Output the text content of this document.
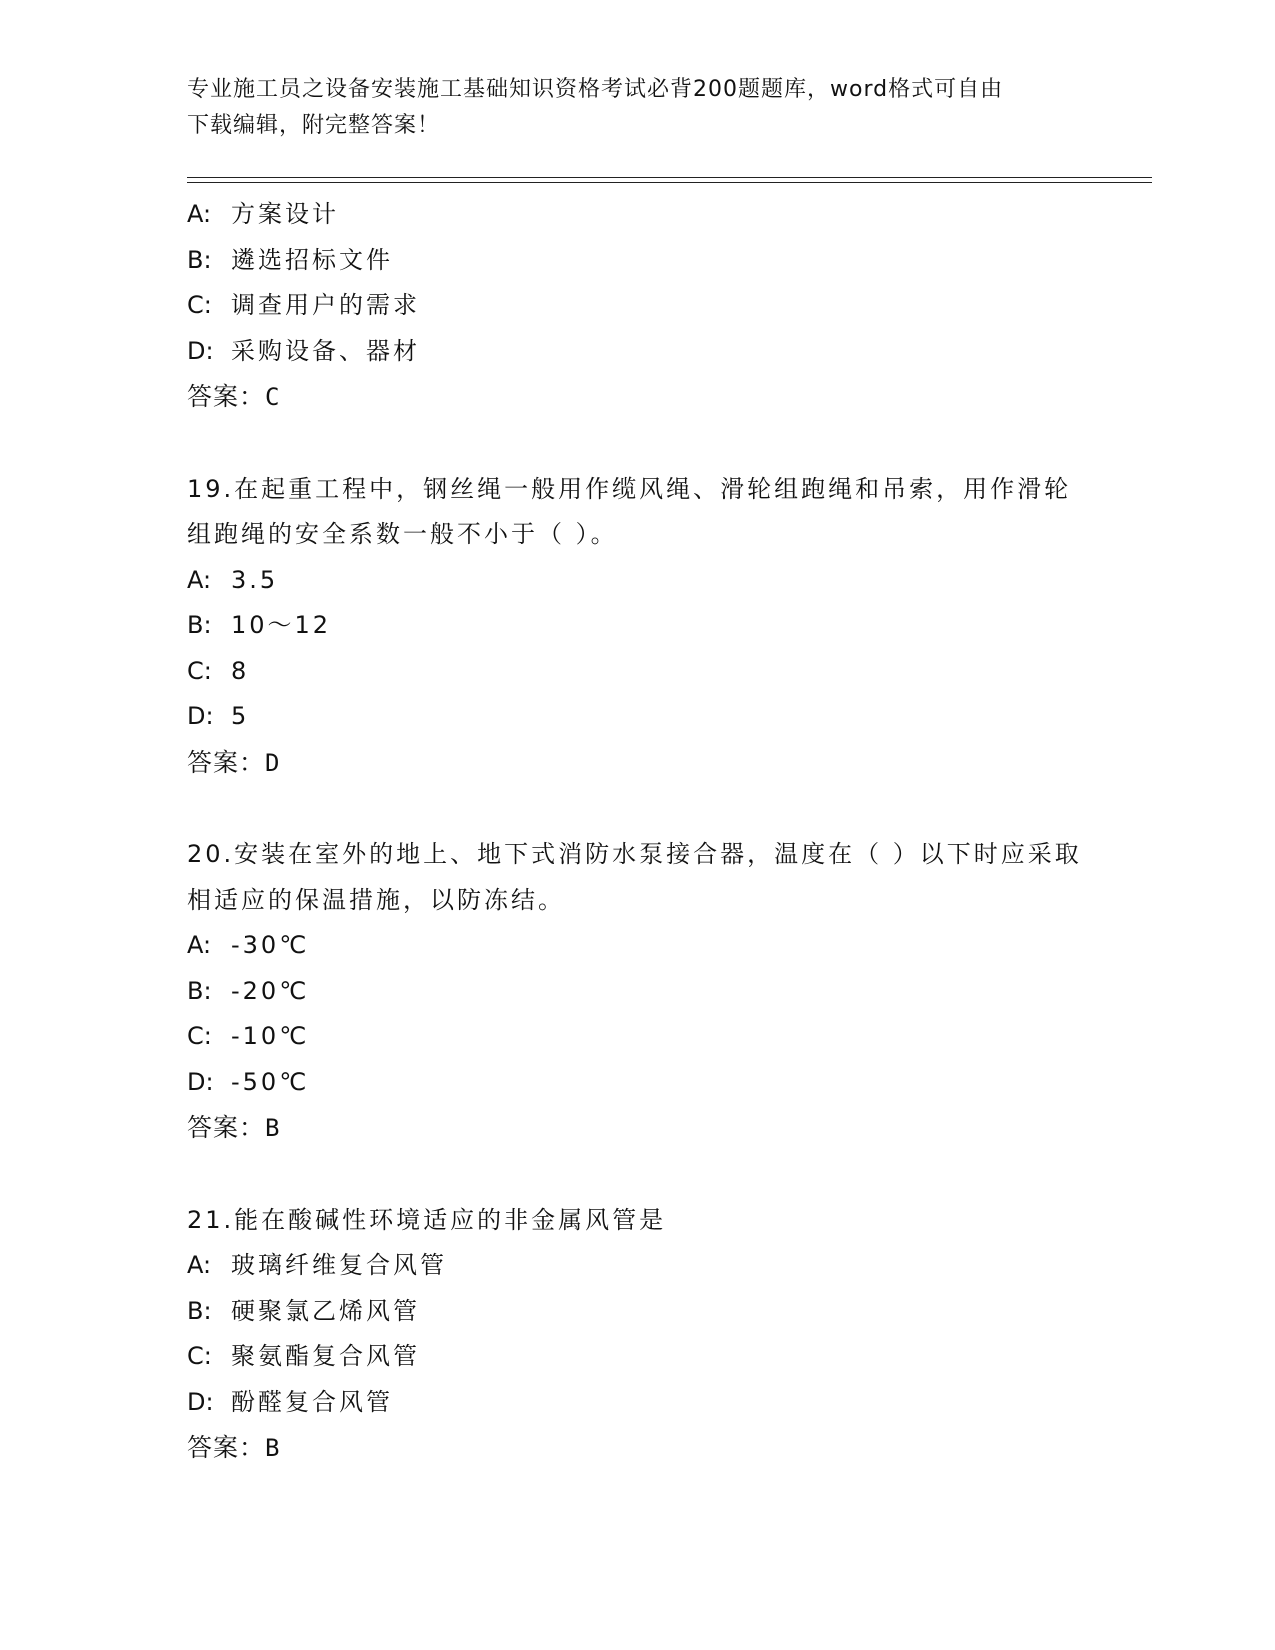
专业施工员之设备安装施工基础知识资格考试必背200题题库，word格式可自由
下载编辑，附完整答案！
A: 方案设计
B: 遴选招标文件
C: 调查用户的需求
D: 采购设备、器材
答案：C
19.在起重工程中，钢丝绳一般用作缆风绳、滑轮组跑绳和吊索，用作滑轮组跑绳的安全系数一般不小于（ ）。
A: 3.5
B: 10～12
C: 8
D: 5
答案：D
20.安装在室外的地上、地下式消防水泵接合器，温度在（ ）以下时应采取相适应的保温措施，以防冻结。
A: -30℃
B: -20℃
C: -10℃
D: -50℃
答案：B
21.能在酸碱性环境适应的非金属风管是
A: 玻璃纤维复合风管
B: 硬聚氯乙烯风管
C: 聚氨酯复合风管
D: 酚醛复合风管
答案：B
